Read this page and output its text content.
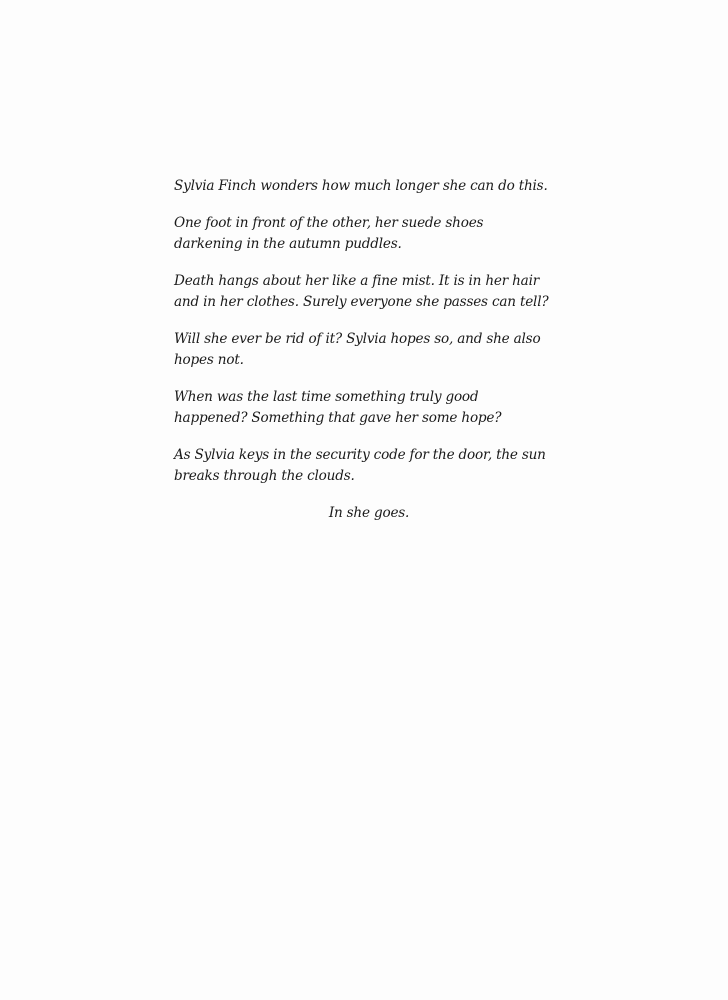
Sylvia Finch wonders how much longer she can do this.

One foot in front of the other, her suede shoes
darkening in the autumn puddles.

Death hangs about her like a fine mist. It is in her hair
and in her clothes. Surely everyone she passes can tell?

Will she ever be rid of it? Sylvia hopes so, and she also
hopes not.

When was the last time something truly good
happened? Something that gave her some hope?

As Sylvia keys in the security code for the door, the sun
breaks through the clouds.

In she goes.
